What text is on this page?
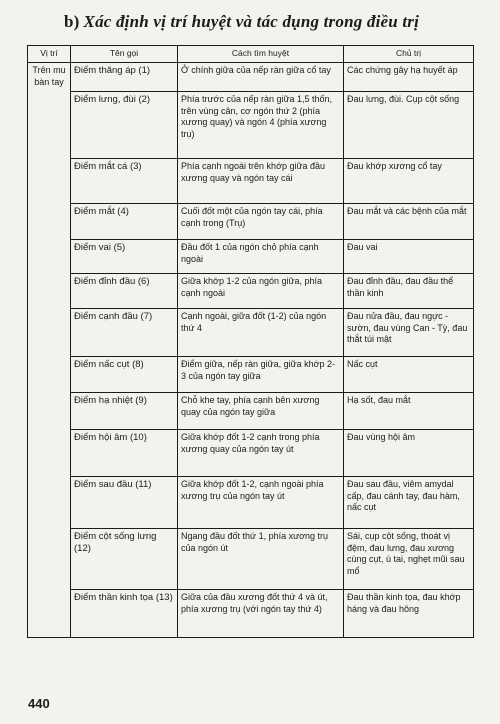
b) Xác định vị trí huyệt và tác dụng trong điều trị
Vị trí	Tên gọi	Cách tìm huyệt	Chủ trị
Trên mu bàn tay	Điểm thăng áp (1)	Ở chính giữa của nếp ràn giữa cổ tay	Các chứng gây hạ huyết áp
	Điểm lưng, đùi (2)	Phía trước của nếp ràn giữa 1,5 thốn, trên vùng cân, cơ ngón thứ 2 (phía xương quay) và ngón 4 (phía xương trụ)	Đau lưng, đùi. Cụp cột sống
	Điểm mắt cá (3)	Phía cạnh ngoài trên khớp giữa đầu xương quay và ngón tay cái	Đau khớp xương cổ tay
	Điểm mắt (4)	Cuối đốt một của ngón tay cái, phía cạnh trong (Trụ)	Đau mắt và các bệnh của mắt
	Điểm vai (5)	Đầu đốt 1 của ngón chỏ phía cạnh ngoài	Đau vai
	Điểm đỉnh đầu (6)	Giữa khớp 1-2 của ngón giữa, phía cạnh ngoài	Đau đỉnh đầu, đau đầu thể thần kinh
	Điểm cạnh đầu (7)	Cạnh ngoài, giữa đốt (1-2) của ngón thứ 4	Đau nửa đầu, đau ngực - sườn, đau vùng Can - Tỳ, đau thắt túi mật
	Điểm nấc cụt (8)	Điểm giữa, nếp ràn giữa, giữa khớp 2-3 của ngón tay giữa	Nấc cụt
	Điểm hạ nhiệt (9)	Chỗ khe tay, phía cạnh bên xương quay của ngón tay giữa	Hạ sốt, đau mắt
	Điểm hội âm (10)	Giữa khớp đốt 1-2 cạnh trong phía xương quay của ngón tay út	Đau vùng hội âm
	Điểm sau đầu (11)	Giữa khớp đốt 1-2, cạnh ngoài phía xương trụ của ngón tay út	Đau sau đầu, viêm amydal cấp, đau cánh tay, đau hàm, nấc cụt
	Điểm cột sống lưng (12)	Ngang đầu đốt thứ 1, phía xương trụ của ngón út	Sái, cụp cột sống, thoát vị đệm, đau lưng, đau xương cùng cụt, ù tai, nghẹt mũi sau mổ
	Điểm thần kinh tọa (13)	Giữa của đầu xương đốt thứ 4 và út, phía xương trụ (với ngón tay thứ 4)	Đau thần kinh tọa, đau khớp háng và đau hông
440
